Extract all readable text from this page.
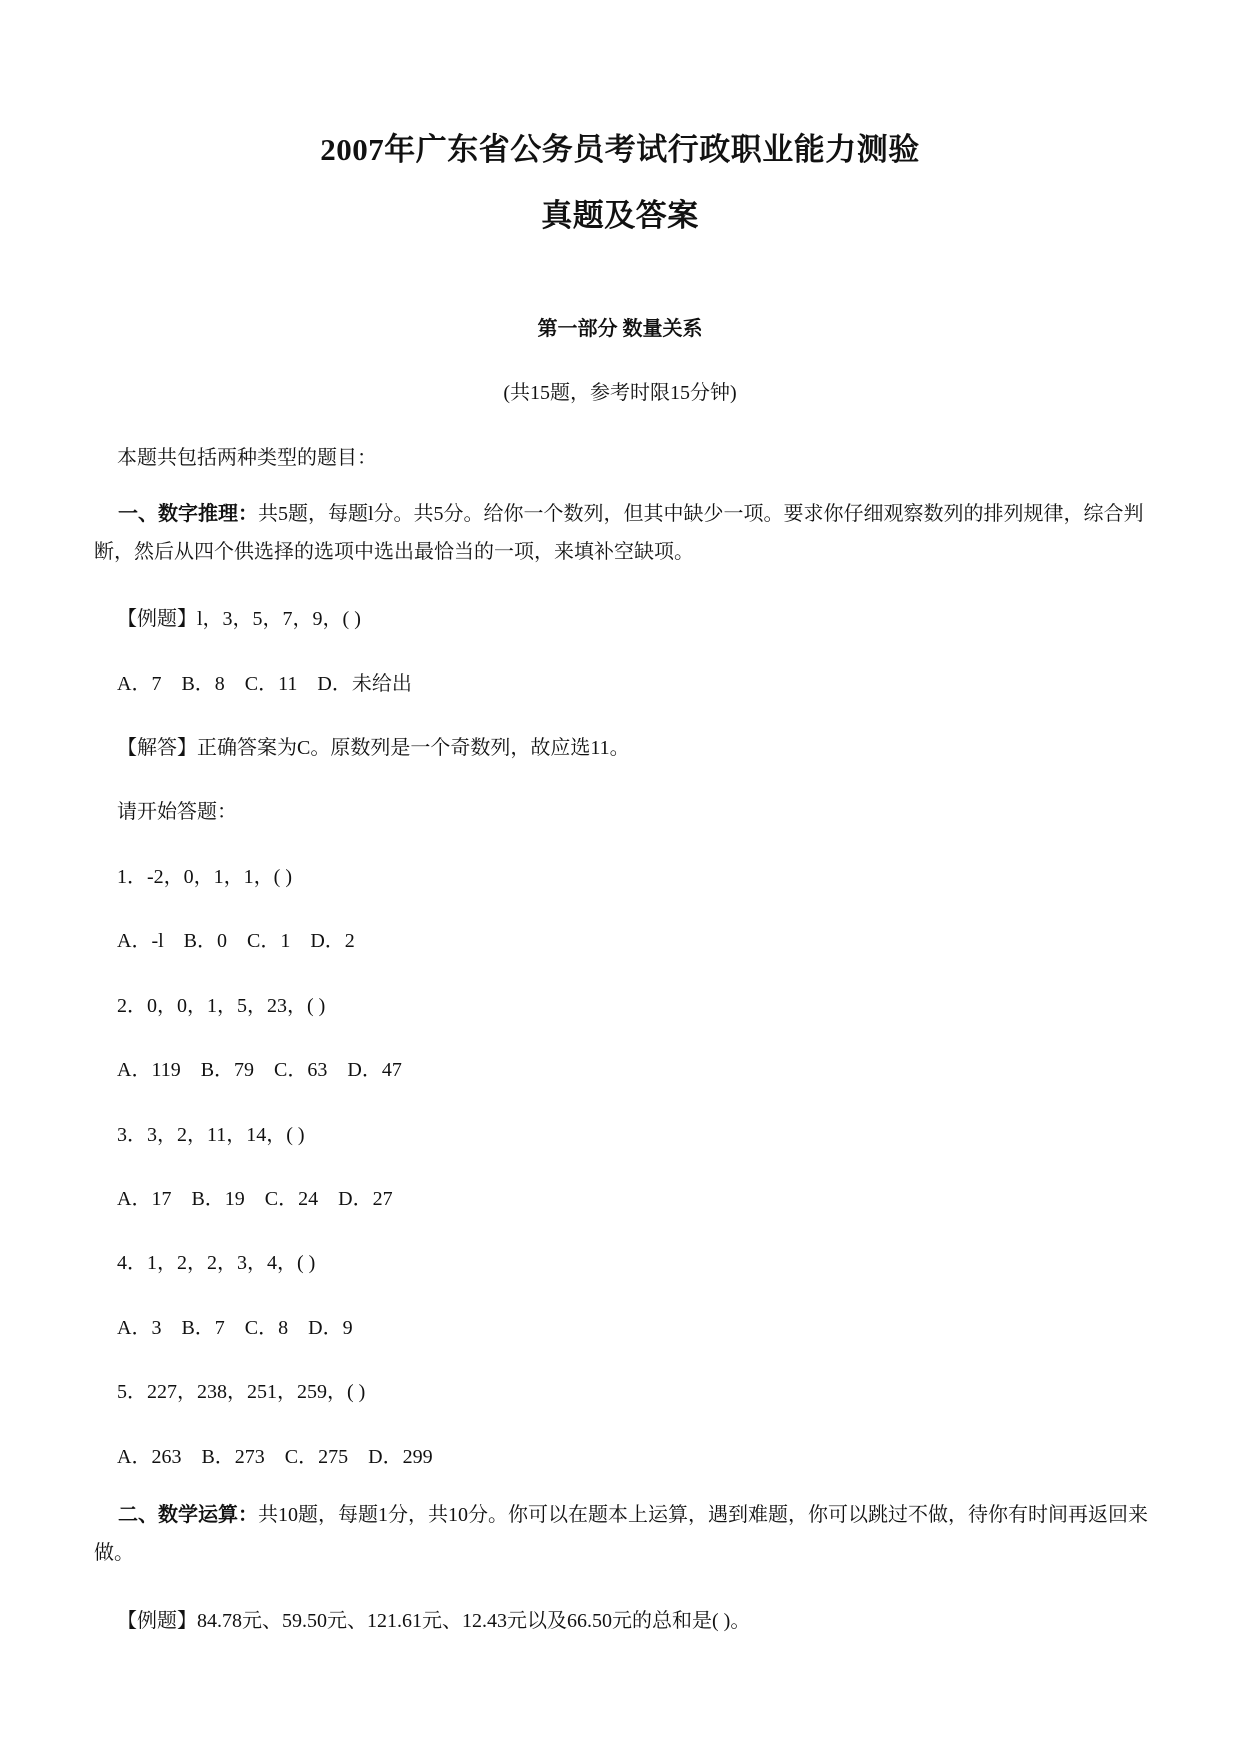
2007年广东省公务员考试行政职业能力测验
真题及答案
第一部分 数量关系
(共15题，参考时限15分钟)
本题共包括两种类型的题目：
一、数字推理：共5题，每题l分。共5分。给你一个数列，但其中缺少一项。要求你仔细观察数列的排列规律，综合判断，然后从四个供选择的选项中选出最恰当的一项，来填补空缺项。
【例题】l，3，5，7，9，( )
A．7    B．8    C．11    D．未给出
【解答】正确答案为C。原数列是一个奇数列，故应选11。
请开始答题：
1．-2，0，1，1，( )
A．-l    B．0    C．1    D．2
2．0，0，1，5，23，( )
A．119    B．79    C．63    D．47
3．3，2，11，14，( )
A．17    B．19    C．24    D．27
4．1，2，2，3，4，( )
A．3    B．7    C．8    D．9
5．227，238，251，259，( )
A．263    B．273    C．275    D．299
二、数学运算：共10题，每题1分，共10分。你可以在题本上运算，遇到难题，你可以跳过不做，待你有时间再返回来做。
【例题】84.78元、59.50元、121.61元、12.43元以及66.50元的总和是( )。
